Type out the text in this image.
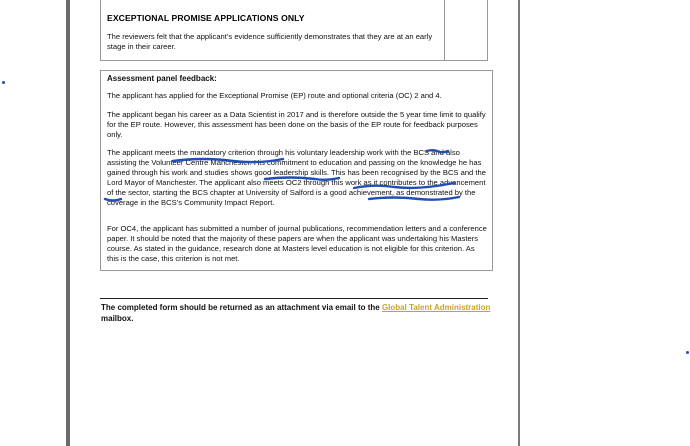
EXCEPTIONAL PROMISE APPLICATIONS ONLY
The reviewers felt that the applicant’s evidence sufficiently demonstrates that they are at an early stage in their career.
Assessment panel feedback:
The applicant has applied for the Exceptional Promise (EP) route and optional criteria (OC) 2 and 4.
The applicant began his career as a Data Scientist in 2017 and is therefore outside the 5 year time limit to qualify for the EP route. However, this assessment has been done on the basis of the EP route for feedback purposes only.
The applicant meets the mandatory criterion through his voluntary leadership work with the BCS and also assisting the Volunteer Centre Manchester. His commitment to education and passing on the knowledge he has gained through his work and studies shows good leadership skills. This has been recognised by the BCS and the Lord Mayor of Manchester. The applicant also meets OC2 through this work as it contributes to the advancement of the sector, starting the BCS chapter at University of Salford is a good achievement, as demonstrated by the coverage in the BCS’s Community Impact Report.
For OC4, the applicant has submitted a number of journal publications, recommendation letters and a conference paper. It should be noted that the majority of these papers are when the applicant was undertaking his Masters course. As stated in the guidance, research done at Masters level education is not eligible for this criterion. As this is the case, this criterion is not met.
The completed form should be returned as an attachment via email to the Global Talent Administration mailbox.
